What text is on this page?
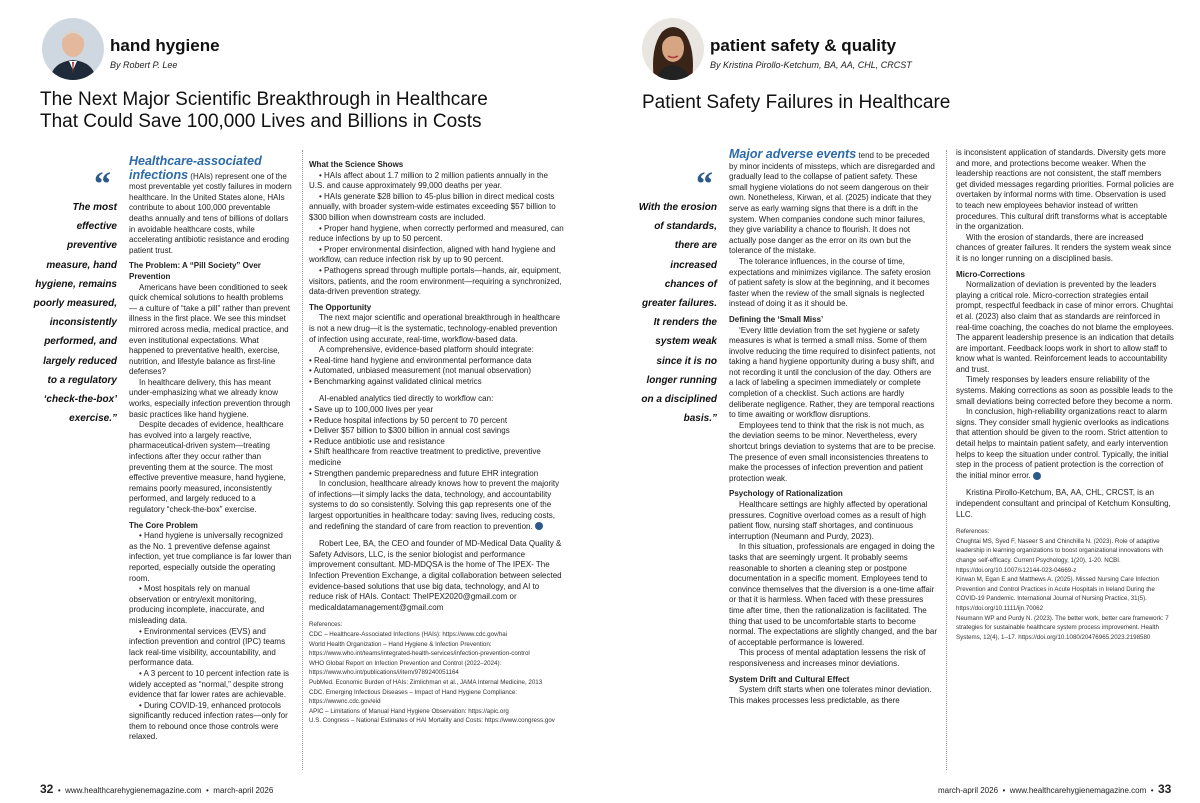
hand hygiene
By Robert P. Lee
The Next Major Scientific Breakthrough in Healthcare
That Could Save 100,000 Lives and Billions in Costs
“
The most
effective
preventive
measure, hand
hygiene, remains
poorly measured,
inconsistently
performed, and
largely reduced
to a regulatory
‘check-the-box’
exercise.”

Healthcare-associated infections (HAIs) represent one of the most preventable yet costly failures in modern healthcare. In the United States alone, HAIs contribute to about 100,000 preventable deaths annually and tens of billions of dollars in avoidable healthcare costs, while accelerating antibiotic resistance and eroding patient trust.

The Problem: A “Pill Society” Over Prevention

Americans have been conditioned to seek quick chemical solutions to health problems — a culture of “take a pill” rather than prevent illness in the first place. We see this mindset mirrored across media, medical practice, and even institutional expectations. What happened to preventative health, exercise, nutrition, and lifestyle balance as first-line defenses?

In healthcare delivery, this has meant under-emphasizing what we already know works, especially infection prevention through basic practices like hand hygiene.

Despite decades of evidence, healthcare has evolved into a largely reactive, pharmaceutical-driven system—treating infections after they occur rather than preventing them at the source. The most effective preventive measure, hand hygiene, remains poorly measured, inconsistently performed, and largely reduced to a regulatory “check-the-box” exercise.

The Core Problem

• Hand hygiene is universally recognized as the No. 1 preventive defense against infection, yet true compliance is far lower than reported, especially outside the operating room.

• Most hospitals rely on manual observation or entry/exit monitoring, producing incomplete, inaccurate, and misleading data.

• Environmental services (EVS) and infection prevention and control (IPC) teams lack real-time visibility, accountability, and performance data.

• A 3 percent to 10 percent infection rate is widely accepted as “normal,” despite strong evidence that far lower rates are achievable.

• During COVID-19, enhanced protocols significantly reduced infection rates—only for them to rebound once those controls were relaxed.

What the Science Shows

• HAIs affect about 1.7 million to 2 million patients annually in the U.S. and cause approximately 99,000 deaths per year.

• HAIs generate $28 billion to 45-plus billion in direct medical costs annually, with broader system-wide estimates exceeding $57 billion to $300 billion when downstream costs are included.

• Proper hand hygiene, when correctly performed and measured, can reduce infections by up to 50 percent.

• Proper environmental disinfection, aligned with hand hygiene and workflow, can reduce infection risk by up to 90 percent.

• Pathogens spread through multiple portals—hands, air, equipment, visitors, patients, and the room environment—requiring a synchronized, data-driven prevention strategy.

The Opportunity

The next major scientific and operational breakthrough in healthcare is not a new drug—it is the systematic, technology-enabled prevention of infection using accurate, real-time, workflow-based data.

A comprehensive, evidence-based platform should integrate:

• Real-time hand hygiene and environmental performance data

• Automated, unbiased measurement (not manual observation)

• Benchmarking against validated clinical metrics

AI-enabled analytics tied directly to workflow can:

• Save up to 100,000 lives per year

• Reduce hospital infections by 50 percent to 70 percent

• Deliver $57 billion to $300 billion in annual cost savings

• Reduce antibiotic use and resistance

• Shift healthcare from reactive treatment to predictive, preventive medicine

• Strengthen pandemic preparedness and future EHR integration

In conclusion, healthcare already knows how to prevent the majority of infections—it simply lacks the data, technology, and accountability systems to do so consistently. Solving this gap represents one of the largest opportunities in healthcare today: saving lives, reducing costs, and redefining the standard of care from reaction to prevention.

Robert Lee, BA, the CEO and founder of MD-Medical Data Quality & Safety Advisors, LLC, is the senior biologist and performance improvement consultant. MD-MDQSA is the home of The IPEX- The Infection Prevention Exchange, a digital collaboration between selected evidence-based solutions that use big data, technology, and AI to reduce risk of HAIs. Contact: TheIPEX2020@gmail.com or medicaldatamanagement@gmail.com

References:

CDC – Healthcare-Associated Infections (HAIs): https://www.cdc.gov/hai

World Health Organization – Hand Hygiene & Infection Prevention: https://www.who.int/teams/integrated-health-services/infection-prevention-control

WHO Global Report on Infection Prevention and Control (2022–2024): https://www.who.int/publications/i/item/9789240051164

PubMed. Economic Burden of HAIs: Zimlichman et al., JAMA Internal Medicine, 2013

CDC. Emerging Infectious Diseases – Impact of Hand Hygiene Compliance: https://wwwnc.cdc.gov/eid

APIC – Limitations of Manual Hand Hygiene Observation: https://apic.org

U.S. Congress – National Estimates of HAI Mortality and Costs: https://www.congress.gov

32  •  www.healthcarehygienemagazine.com  •  march-april 2026
patient safety & quality
By Kristina Pirollo-Ketchum, BA, AA, CHL, CRCST
Patient Safety Failures in Healthcare
“
With the erosion
of standards,
there are
increased
chances of
greater failures.
It renders the
system weak
since it is no
longer running
on a disciplined
basis.”

Major adverse events tend to be preceded by minor incidents of missteps, which are disregarded and gradually lead to the collapse of patient safety. These small hygiene violations do not seem dangerous on their own. Nonetheless, Kirwan, et al. (2025) indicate that they serve as early warning signs that there is a drift in the system. When companies condone such minor failures, they give variability a chance to flourish. It does not actually pose danger as the error on its own but the tolerance of the mistake.

The tolerance influences, in the course of time, expectations and minimizes vigilance. The safety erosion of patient safety is slow at the beginning, and it becomes faster when the review of the small signals is neglected instead of doing it as it should be.

Defining the ‘Small Miss’

‘Every little deviation from the set hygiene or safety measures is what is termed a small miss. Some of them involve reducing the time required to disinfect patients, not taking a hand hygiene opportunity during a busy shift, and not recording it until the conclusion of the day. Others are a lack of labeling a specimen immediately or complete completion of a checklist. Such actions are hardly deliberate negligence. Rather, they are temporal reactions to time awaiting or workflow disruptions.

Employees tend to think that the risk is not much, as the deviation seems to be minor. Nevertheless, every shortcut brings deviation to systems that are to be precise. The presence of even small inconsistencies threatens to make the processes of infection prevention and patient protection weak.

Psychology of Rationalization

Healthcare settings are highly affected by operational pressures. Cognitive overload comes as a result of high patient flow, nursing staff shortages, and continuous interruption (Neumann and Purdy, 2023).

In this situation, professionals are engaged in doing the tasks that are seemingly urgent. It probably seems reasonable to shorten a cleaning step or postpone documentation in a specific moment. Employees tend to convince themselves that the diversion is a one-time affair or that it is harmless. When faced with these pressures time after time, then the rationalization is facilitated. The thing that used to be uncomfortable starts to become normal. The expectations are slightly changed, and the bar of acceptable performance is lowered.

This process of mental adaptation lessens the risk of responsiveness and increases minor deviations.

System Drift and Cultural Effect

System drift starts when one tolerates minor deviation. This makes processes less predictable, as there

is inconsistent application of standards. Diversity gets more and more, and protections become weaker. When the leadership reactions are not consistent, the staff members get divided messages regarding priorities. Formal policies are overtaken by informal norms with time. Observation is used to teach new employees behavior instead of written procedures. This cultural drift transforms what is acceptable in the organization.

With the erosion of standards, there are increased chances of greater failures. It renders the system weak since it is no longer running on a disciplined basis.

Micro-Corrections

Normalization of deviation is prevented by the leaders playing a critical role. Micro-correction strategies entail prompt, respectful feedback in case of minor errors. Chughtai et al. (2023) also claim that as standards are reinforced in real-time coaching, the coaches do not blame the employees. The apparent leadership presence is an indication that details are important. Feedback loops work in short to allow staff to know what is wanted. Reinforcement leads to accountability and trust.

Timely responses by leaders ensure reliability of the systems. Making corrections as soon as possible leads to the small deviations being corrected before they become a norm.

In conclusion, high-reliability organizations react to alarm signs. They consider small hygienic overlooks as indications that attention should be given to the room. Strict attention to detail helps to maintain patient safety, and early intervention helps to keep the situation under control. Typically, the initial step in the process of patient protection is the correction of the initial minor error.

Kristina Pirollo-Ketchum, BA, AA, CHL, CRCST, is an independent consultant and principal of Ketchum Konsulting, LLC.

References:

Chughtai MS, Syed F, Naseer S and Chinchilla N. (2023). Role of adaptive leadership in learning organizations to boost organizational innovations with change self-efficacy. Current Psychology, 1(20), 1-20. NCBI. https://doi.org/10.1007/s12144-023-04669-z

Kirwan M, Egan E and Matthews A. (2025). Missed Nursing Care Infection Prevention and Control Practices in Acute Hospitals in Ireland During the COVID-19 Pandemic. International Journal of Nursing Practice, 31(5). https://doi.org/10.1111/ijn.70062

Neumann WP and Purdy N. (2023). The better work, better care framework: 7 strategies for sustainable healthcare system process improvement. Health Systems, 12(4), 1–17. https://doi.org/10.1080/20476965.2023.2198580

march-april 2026  •  www.healthcarehygienemagazine.com  •  33
